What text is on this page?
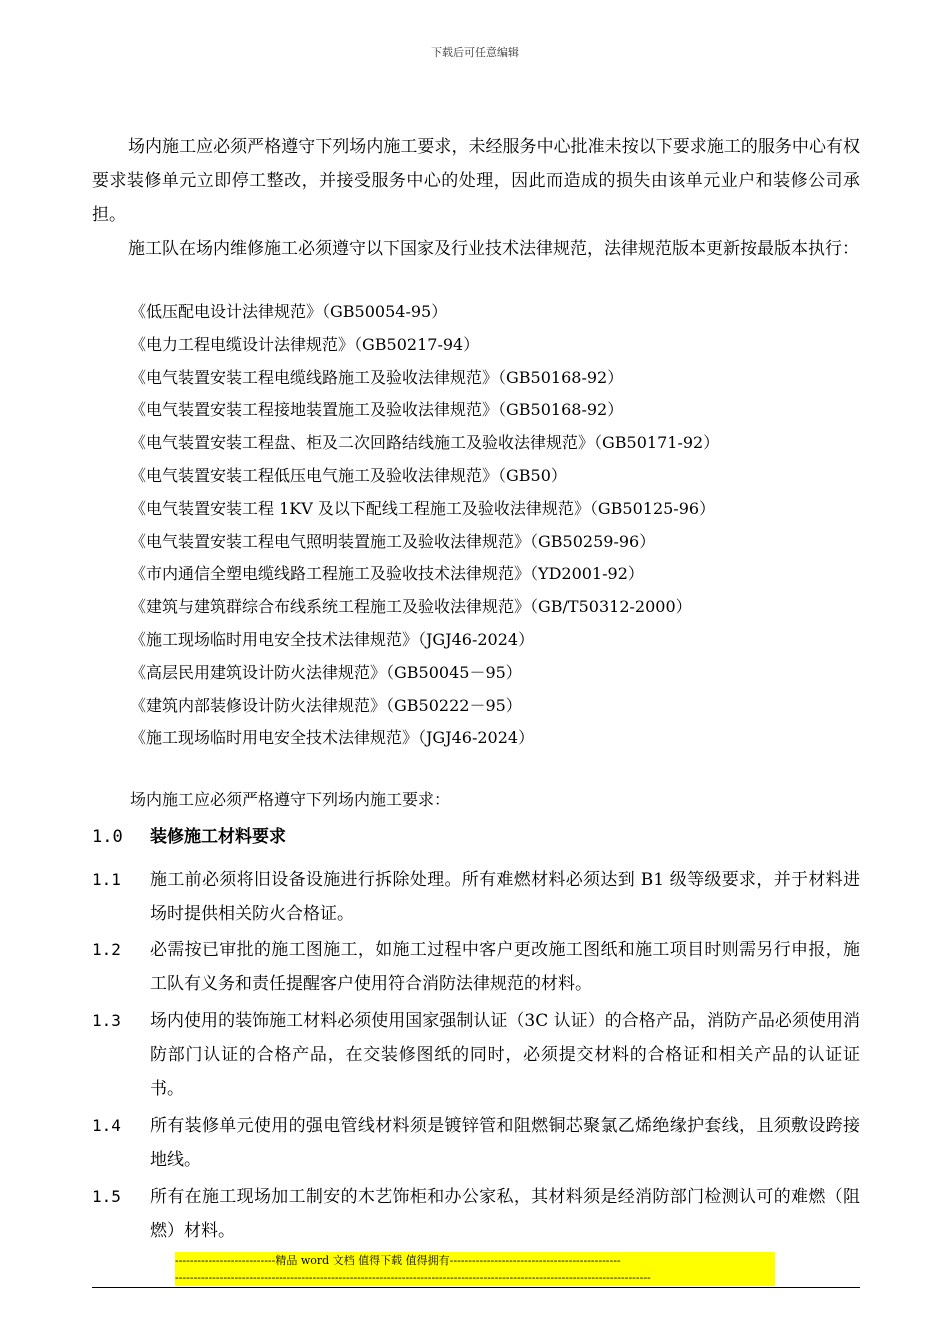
下载后可任意编辑

场内施工应必须严格遵守下列场内施工要求，未经服务中心批准未按以下要求施工的服务中心有权要求装修单元立即停工整改，并接受服务中心的处理，因此而造成的损失由该单元业户和装修公司承担。

施工队在场内维修施工必须遵守以下国家及行业技术法律规范，法律规范版本更新按最版本执行：

《低压配电设计法律规范》（GB50054-95）
《电力工程电缆设计法律规范》（GB50217-94）
《电气装置安装工程电缆线路施工及验收法律规范》（GB50168-92）
《电气装置安装工程接地装置施工及验收法律规范》（GB50168-92）
《电气装置安装工程盘、柜及二次回路结线施工及验收法律规范》（GB50171-92）
《电气装置安装工程低压电气施工及验收法律规范》（GB50）
《电气装置安装工程 1KV 及以下配线工程施工及验收法律规范》（GB50125-96）
《电气装置安装工程电气照明装置施工及验收法律规范》（GB50259-96）
《市内通信全塑电缆线路工程施工及验收技术法律规范》（YD2001-92）
《建筑与建筑群综合布线系统工程施工及验收法律规范》（GB/T50312-2000）
《施工现场临时用电安全技术法律规范》（JGJ46-2024）
《高层民用建筑设计防火法律规范》（GB50045－95）
《建筑内部装修设计防火法律规范》（GB50222－95）
《施工现场临时用电安全技术法律规范》（JGJ46-2024）

场内施工应必须严格遵守下列场内施工要求：

1.0 装修施工材料要求
1.1 施工前必须将旧设备设施进行拆除处理。所有难燃材料必须达到 B1 级等级要求，并于材料进场时提供相关防火合格证。
1.2 必需按已审批的施工图施工，如施工过程中客户更改施工图纸和施工项目时则需另行申报，施工队有义务和责任提醒客户使用符合消防法律规范的材料。
1.3 场内使用的装饰施工材料必须使用国家强制认证（3C 认证）的合格产品，消防产品必须使用消防部门认证的合格产品，在交装修图纸的同时，必须提交材料的合格证和相关产品的认证证书。
1.4 所有装修单元使用的强电管线材料须是镀锌管和阻燃铜芯聚氯乙烯绝缘护套线，且须敷设跨接地线。
1.5 所有在施工现场加工制安的木艺饰柜和办公家私，其材料须是经消防部门检测认可的难燃（阻燃）材料。
---------------------------精品 word 文档 值得下载 值得拥有----------------------------------------------
--------------------------------------------------------------------------------------------------------------------------------
